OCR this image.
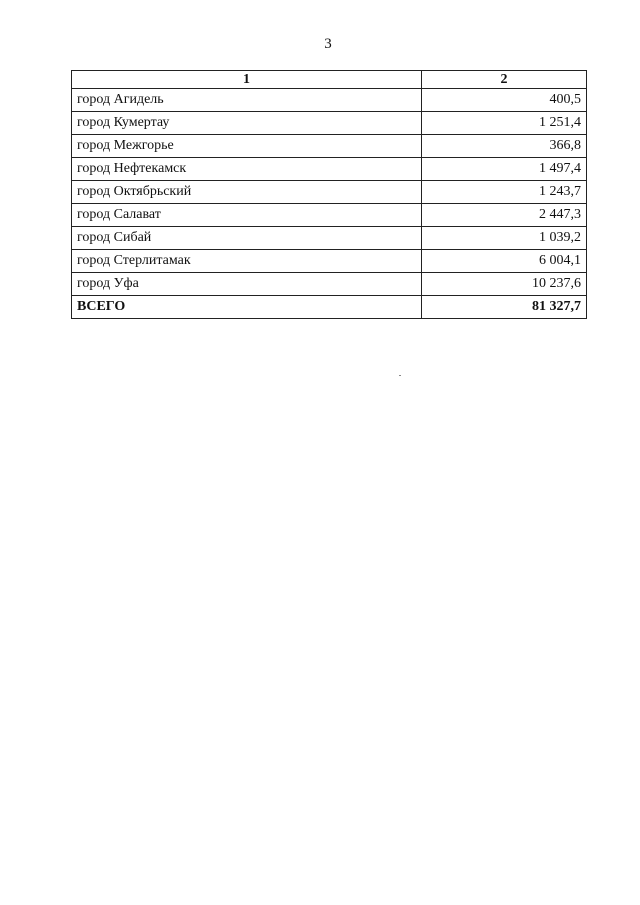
3
1	2
город Агидель	400,5
город Кумертау	1 251,4
город Межгорье	366,8
город Нефтекамск	1 497,4
город Октябрьский	1 243,7
город Салават	2 447,3
город Сибай	1 039,2
город Стерлитамак	6 004,1
город Уфа	10 237,6
ВСЕГО	81 327,7
